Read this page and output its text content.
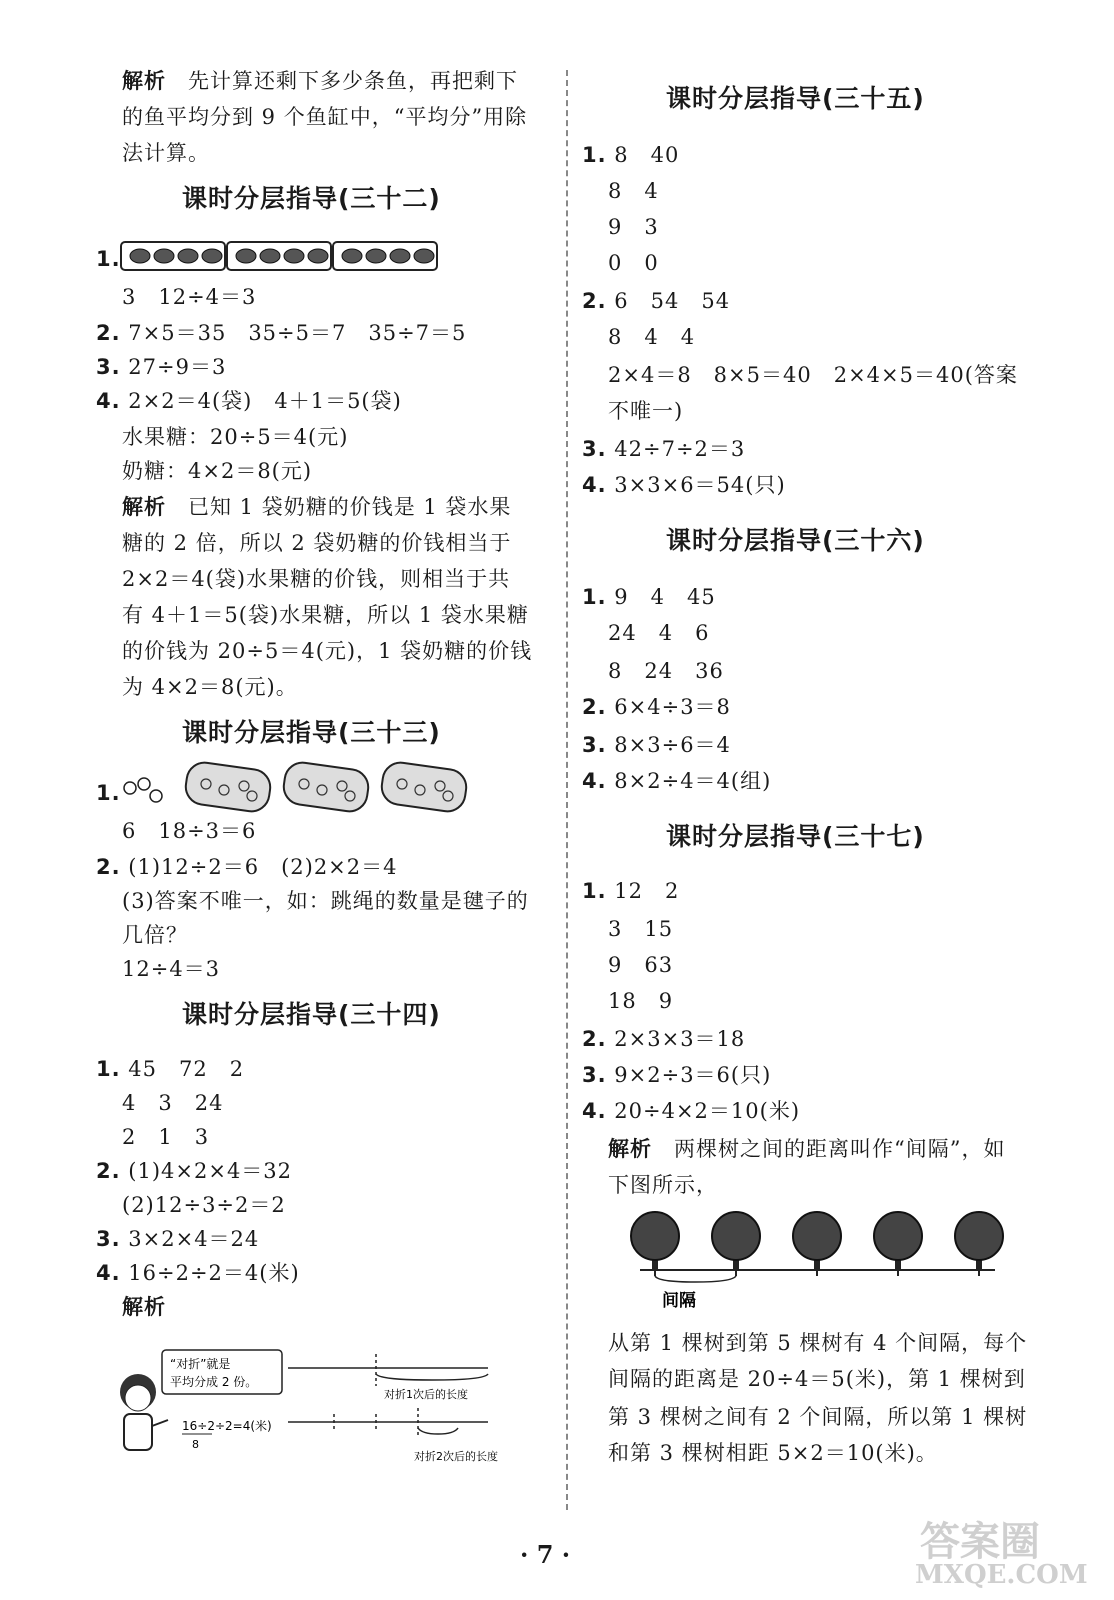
解析 先计算还剩下多少条鱼，再把剩下
的鱼平均分到 9 个鱼缸中，“平均分”用除
法计算。
课时分层指导(三十二)
1.
3　12÷4＝3
2. 7×5＝35　35÷5＝7　35÷7＝5
3. 27÷9＝3
4. 2×2＝4(袋)　4＋1＝5(袋)
水果糖：20÷5＝4(元)
奶糖：4×2＝8(元)
解析 已知 1 袋奶糖的价钱是 1 袋水果
糖的 2 倍，所以 2 袋奶糖的价钱相当于
2×2＝4(袋)水果糖的价钱，则相当于共
有 4＋1＝5(袋)水果糖，所以 1 袋水果糖
的价钱为 20÷5＝4(元)，1 袋奶糖的价钱
为 4×2＝8(元)。
课时分层指导(三十三)
1.
6　18÷3＝6
2. (1)12÷2＝6　(2)2×2＝4
(3)答案不唯一，如：跳绳的数量是毽子的
几倍？
12÷4＝3
课时分层指导(三十四)
1. 45　72　2
4　3　24
2　1　3
2. (1)4×2×4＝32
(2)12÷3÷2＝2
3. 3×2×4＝24
4. 16÷2÷2＝4(米)
解析
“对折”就是
平均分成 2 份。
16÷2÷2=4(米)
8
对折1次后的长度
对折2次后的长度
课时分层指导(三十五)
1. 8　40
8　4
9　3
0　0
2. 6　54　54
8　4　4
2×4＝8　8×5＝40　2×4×5＝40(答案
不唯一)
3. 42÷7÷2＝3
4. 3×3×6＝54(只)
课时分层指导(三十六)
1. 9　4　45
24　4　6
8　24　36
2. 6×4÷3＝8
3. 8×3÷6＝4
4. 8×2÷4＝4(组)
课时分层指导(三十七)
1. 12　2
3　15
9　63
18　9
2. 2×3×3＝18
3. 9×2÷3＝6(只)
4. 20÷4×2＝10(米)
解析 两棵树之间的距离叫作“间隔”，如
下图所示，
间隔
从第 1 棵树到第 5 棵树有 4 个间隔，每个
间隔的距离是 20÷4＝5(米)，第 1 棵树到
第 3 棵树之间有 2 个间隔，所以第 1 棵树
和第 3 棵树相距 5×2＝10(米)。
· 7 ·	答案圈
MXQE.COM
